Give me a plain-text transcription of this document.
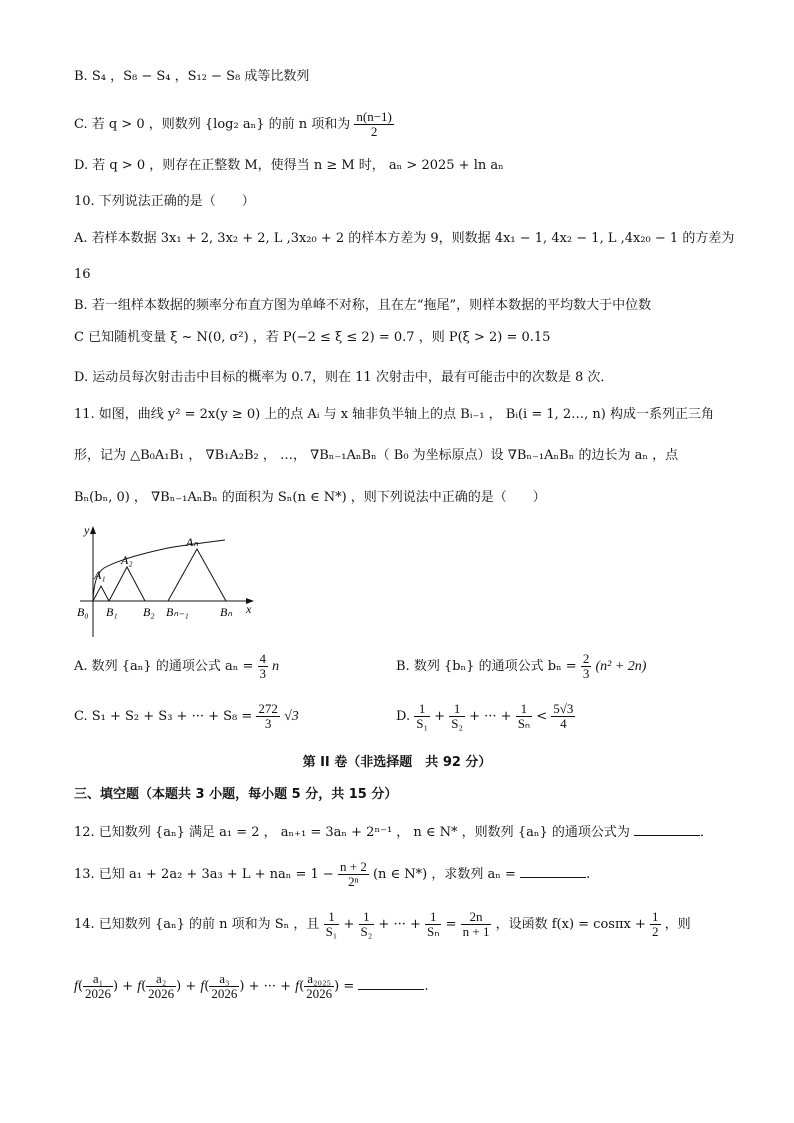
B. S₄ ，S₈ − S₄ ，S₁₂ − S₈ 成等比数列
C. 若 q > 0 ，则数列 {log₂ aₙ} 的前 n 项和为 $\frac{n(n-1)}{2}$
D. 若 q > 0 ，则存在正整数 M，使得当 n ≥ M 时， aₙ > 2025 + ln aₙ
10. 下列说法正确的是（　　）
A. 若样本数据 3x₁ + 2, 3x₂ + 2, L ,3x₂₀ + 2 的样本方差为 9，则数据 4x₁ − 1, 4x₂ − 1, L ,4x₂₀ − 1 的方差为
16
B. 若一组样本数据的频率分布直方图为单峰不对称，且在左“拖尾”，则样本数据的平均数大于中位数
C 已知随机变量 ξ ~ N(0, σ²) ，若 P(−2 ≤ ξ ≤ 2) = 0.7 ，则 P(ξ > 2) = 0.15
D. 运动员每次射击击中目标的概率为 0.7，则在 11 次射击中，最有可能击中的次数是 8 次．
11. 如图，曲线 y² = 2x(y ≥ 0) 上的点 Aᵢ 与 x 轴非负半轴上的点 Bᵢ₋₁ ， Bᵢ(i = 1, 2…, n) 构成一系列正三角
形，记为 △B₀A₁B₁ ， ∇B₁A₂B₂ ， …， ∇Bₙ₋₁AₙBₙ（ B₀ 为坐标原点）设 ∇Bₙ₋₁AₙBₙ 的边长为 aₙ ，点
Bₙ(bₙ, 0) ， ∇Bₙ₋₁AₙBₙ 的面积为 Sₙ(n ∈ N*) ，则下列说法中正确的是（　　）
y
x
A₁
A₂
Aₙ
B₀ B₁ B₂ Bₙ₋₁	Bₙ
A. 数列 {aₙ} 的通项公式 $a_n = \frac{4}{3}$ n	B. 数列 {bₙ} 的通项公式 $b_n = \frac{2}{3} (n^2 + 2n)$
C. S₁ + S₂ + S₃ + ··· + $S_8 = \frac{272}{3} √3$	D. $\frac{1}{\text{S₁}} + \frac{1}{\text{S₂}}$ + ··· + $\frac{1}{\text{Sₙ}} < \frac{5√3}{4}$
第 II 卷（非选择题　共 92 分）
三、填空题（本题共 3 小题，每小题 5 分，共 15 分）
12. 已知数列 {aₙ} 满足 a₁ = 2 ， aₙ₊₁ = 3aₙ + 2ⁿ⁻¹ ， n ∈ N* ，则数列 {aₙ} 的通项公式为	．
13. 已知 $a_1 + 2a_2 + 3a_3 + L + na_n = 1 - \frac{n + 2}{\text{2ⁿ}} (n$ ∈ N*) ，求数列 aₙ =	.
14. 已知数列 {aₙ} 的前 n 项和为 Sₙ ，且 $\frac{1}{\text{S₁}} + \frac{1}{\text{S₂}}$ + ··· + $\frac{1}{\text{Sₙ}} = \frac{2n}{n + 1}$ ，设函数 $f(x) = \cos\pi x + \frac{1}{2}$ ，则
$f( \frac{\text{a₁}}{2026}$ ) + $f( \frac{\text{a₂}}{2026}$ ) + $f( \frac{\text{a₃}}{2026}$ ) + ··· + $f( \frac{\text{a₂₀₂₅}}{2026}$ ) =	.
